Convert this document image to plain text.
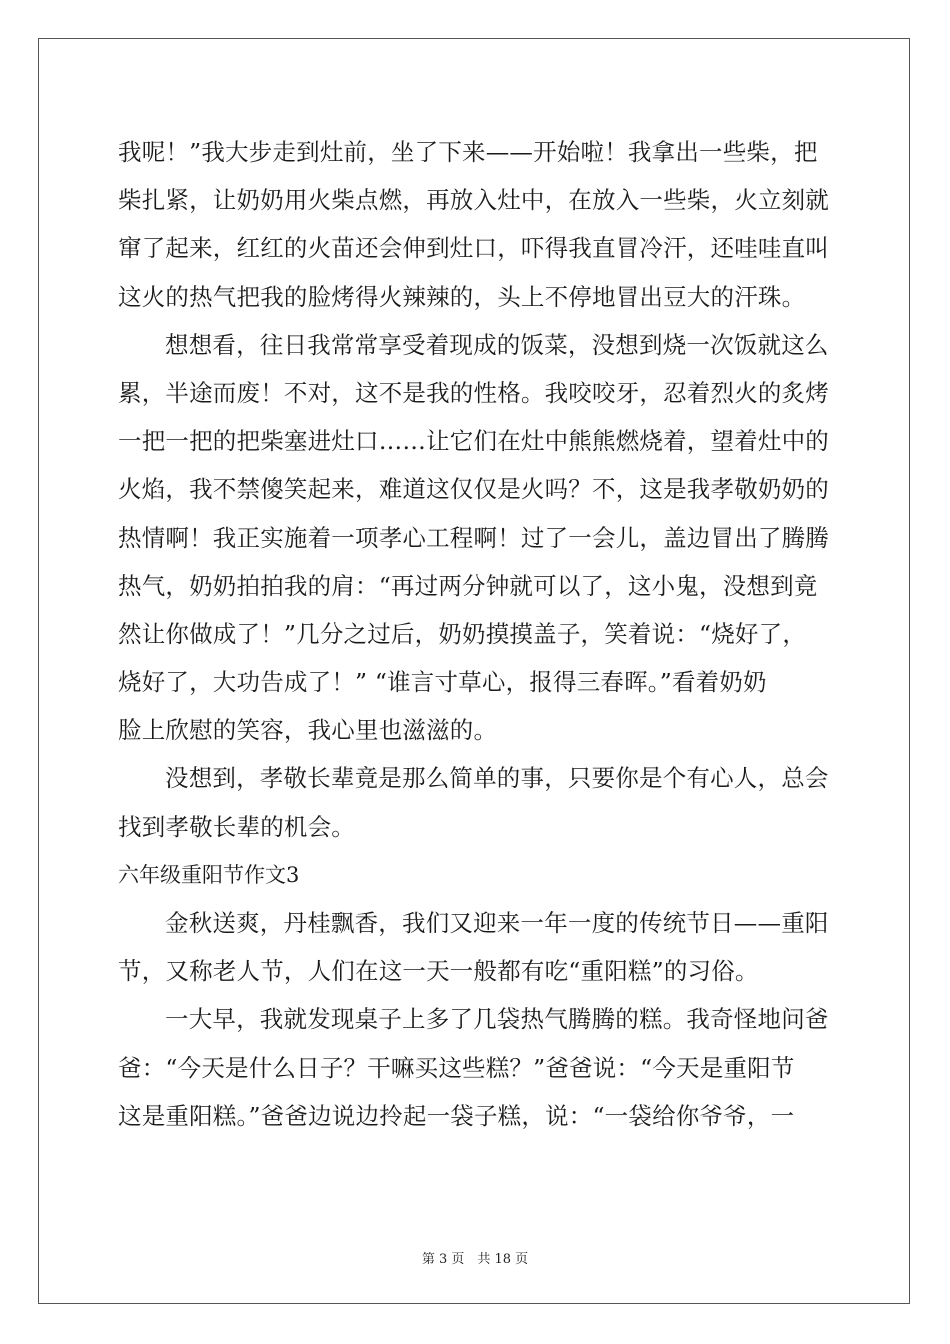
我呢！”我大步走到灶前，坐了下来——开始啦！我拿出一些柴，把
柴扎紧，让奶奶用火柴点燃，再放入灶中，在放入一些柴，火立刻就
窜了起来，红红的火苗还会伸到灶口，吓得我直冒冷汗，还哇哇直叫
这火的热气把我的脸烤得火辣辣的，头上不停地冒出豆大的汗珠。
想想看，往日我常常享受着现成的饭菜，没想到烧一次饭就这么
累，半途而废！不对，这不是我的性格。我咬咬牙，忍着烈火的炙烤
一把一把的把柴塞进灶口……让它们在灶中熊熊燃烧着，望着灶中的
火焰，我不禁傻笑起来，难道这仅仅是火吗？不，这是我孝敬奶奶的
热情啊！我正实施着一项孝心工程啊！过了一会儿，盖边冒出了腾腾
热气，奶奶拍拍我的肩：“再过两分钟就可以了，这小鬼，没想到竟
然让你做成了！”几分之过后，奶奶摸摸盖子，笑着说：“烧好了，
烧好了，大功告成了！” “谁言寸草心，报得三春晖。”看着奶奶
脸上欣慰的笑容，我心里也滋滋的。
没想到，孝敬长辈竟是那么简单的事，只要你是个有心人，总会
找到孝敬长辈的机会。
六年级重阳节作文3
金秋送爽，丹桂飘香，我们又迎来一年一度的传统节日——重阳
节，又称老人节，人们在这一天一般都有吃“重阳糕”的习俗。
一大早，我就发现桌子上多了几袋热气腾腾的糕。我奇怪地问爸
爸：“今天是什么日子？干嘛买这些糕？”爸爸说：“今天是重阳节
这是重阳糕。”爸爸边说边拎起一袋子糕，说：“一袋给你爷爷，一
第 3 页　共 18 页
